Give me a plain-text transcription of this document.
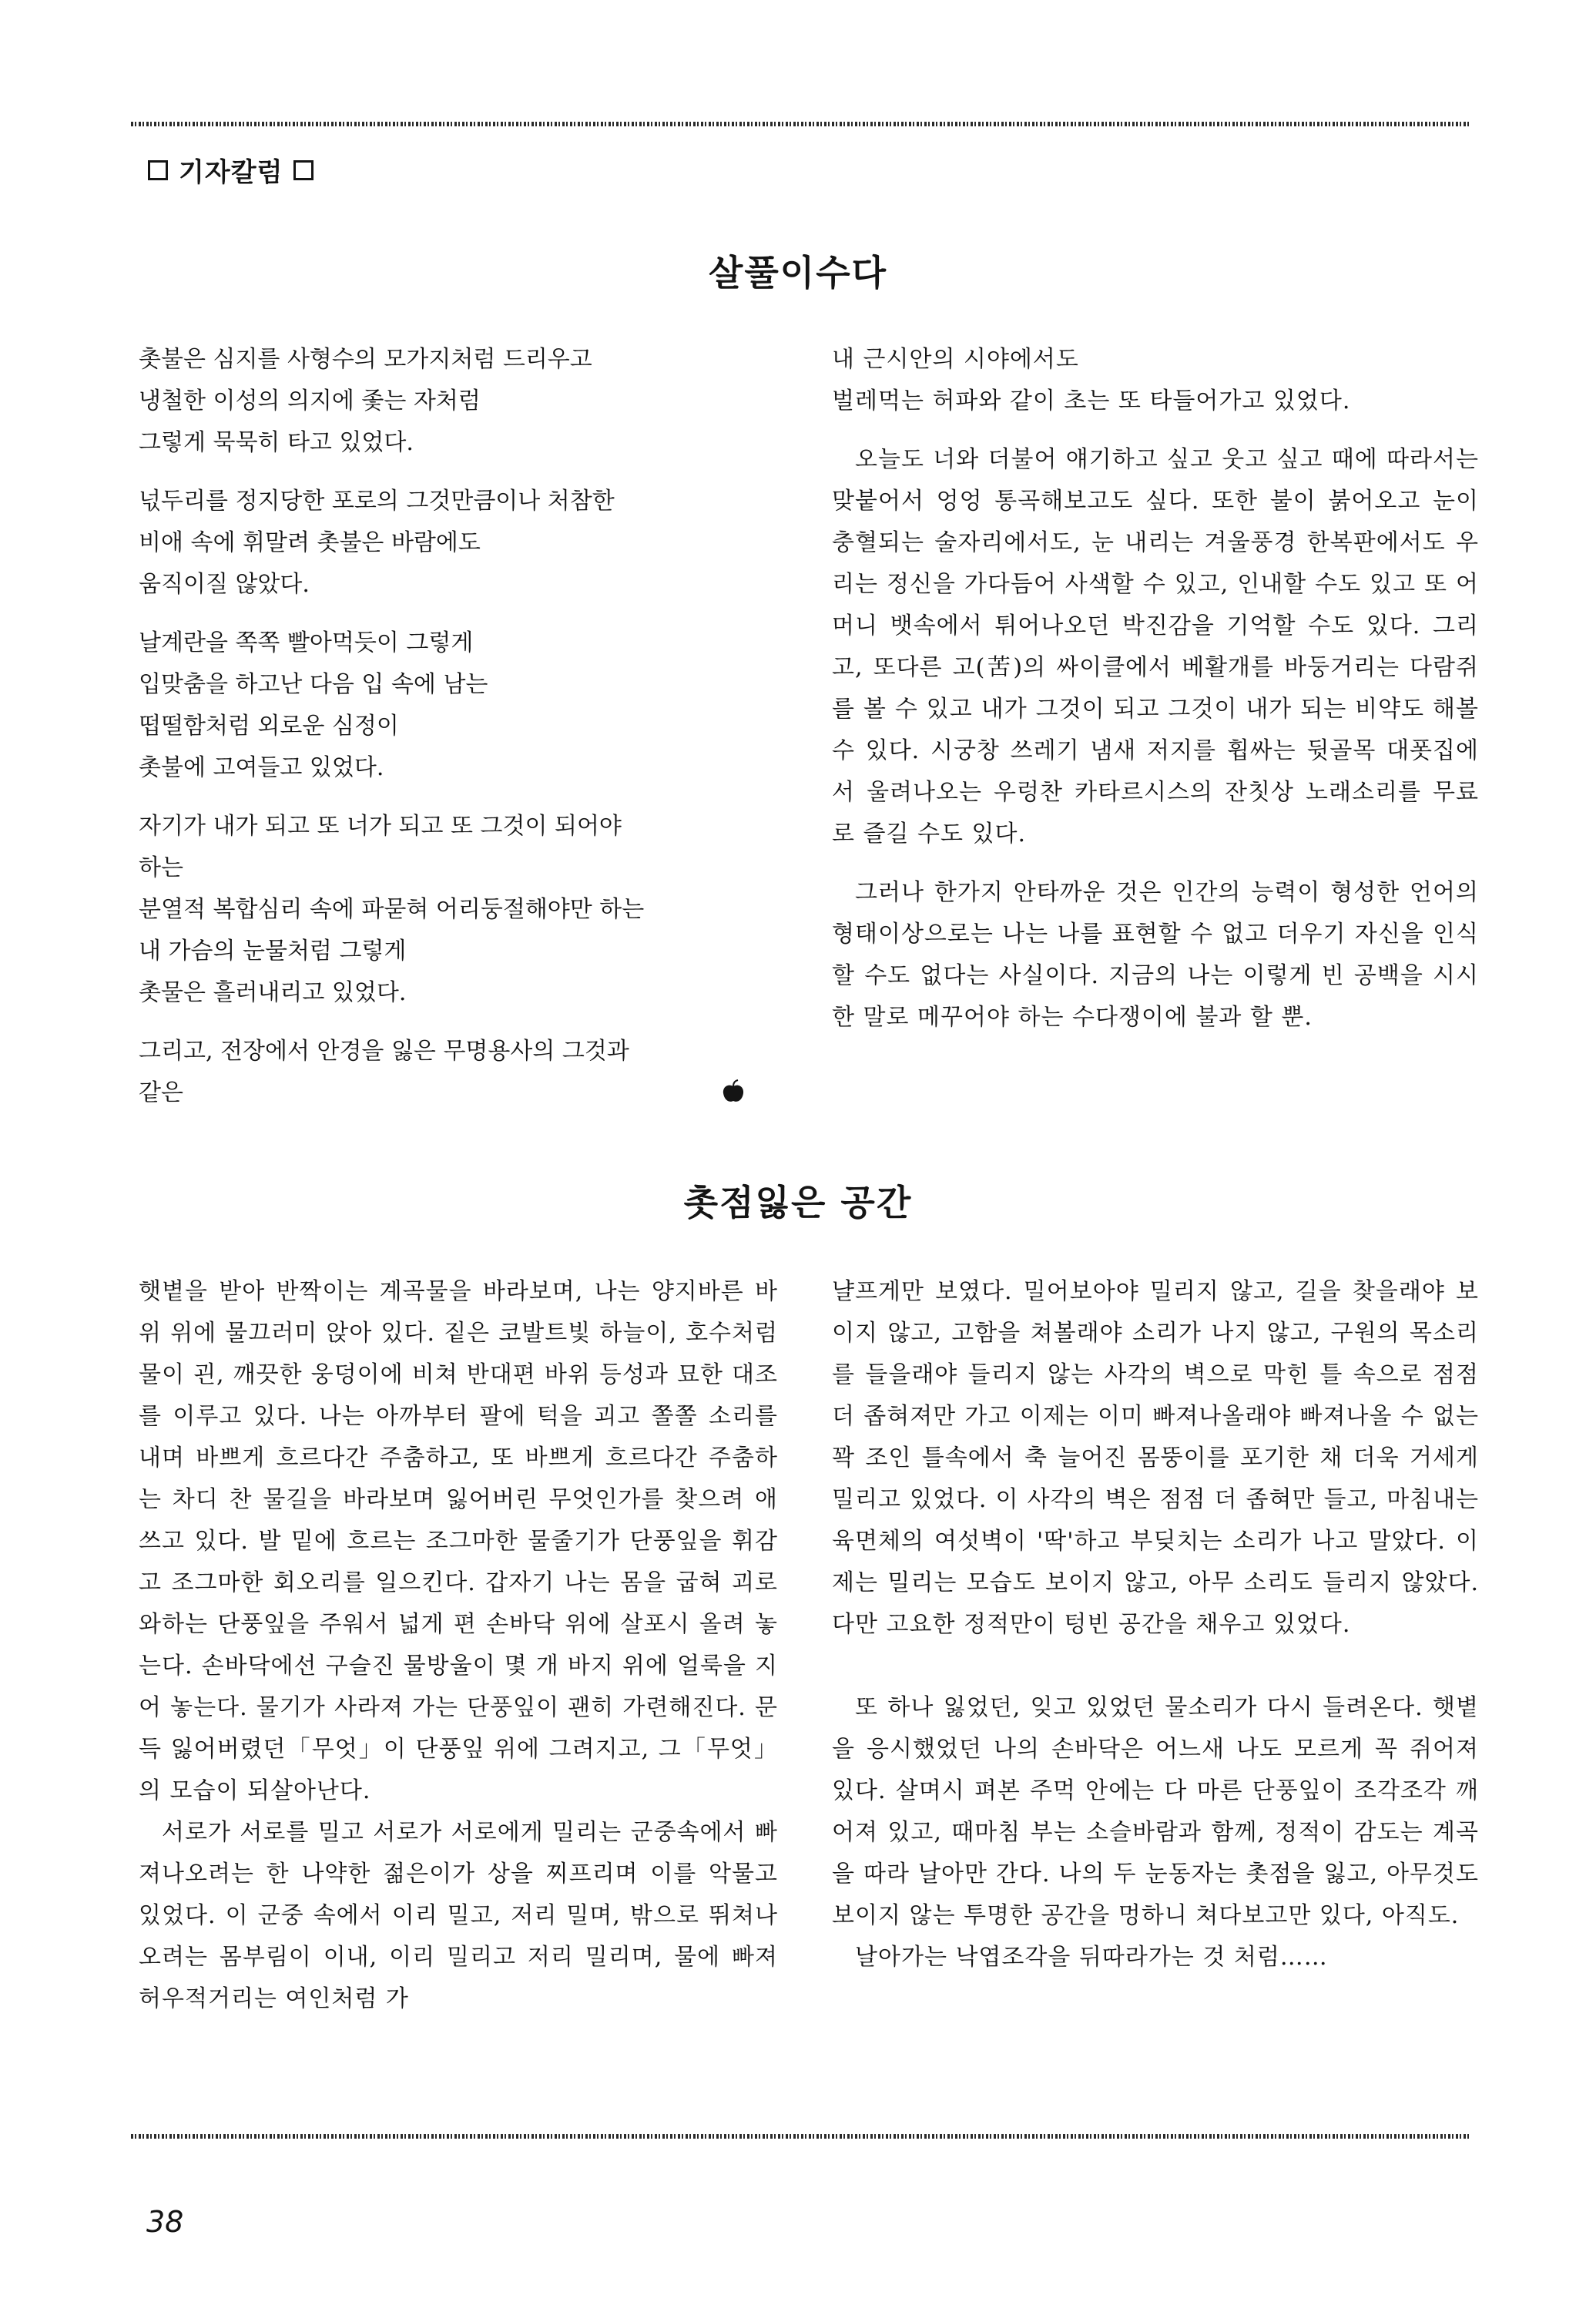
기자칼럼
살풀이수다

촛불은 심지를 사형수의 모가지처럼 드리우고
냉철한 이성의 의지에 좇는 자처럼
그렇게 묵묵히 타고 있었다.

넋두리를 정지당한 포로의 그것만큼이나 처참한
비애 속에 휘말려 촛불은 바람에도
움직이질 않았다.

날계란을 쪽쪽 빨아먹듯이 그렇게
입맞춤을 하고난 다음 입 속에 남는
떱떨함처럼 외로운 심정이
촛불에 고여들고 있었다.

자기가 내가 되고 또 너가 되고 또 그것이 되어야
하는
분열적 복합심리 속에 파묻혀 어리둥절해야만 하는
내 가슴의 눈물처럼 그렇게
촛물은 흘러내리고 있었다.

그리고, 전장에서 안경을 잃은 무명용사의 그것과
같은

내 근시안의 시야에서도
벌레먹는 허파와 같이 초는 또 타들어가고 있었다.

오늘도 너와 더불어 얘기하고 싶고 웃고 싶고 때에 따라서는 맞붙어서 엉엉 통곡해보고도 싶다. 또한 불이 붉어오고 눈이 충혈되는 술자리에서도, 눈 내리는 겨울풍경 한복판에서도 우리는 정신을 가다듬어 사색할 수 있고, 인내할 수도 있고 또 어머니 뱃속에서 튀어나오던 박진감을 기억할 수도 있다. 그리고, 또다른 고(苦)의 싸이클에서 베활개를 바둥거리는 다람쥐를 볼 수 있고 내가 그것이 되고 그것이 내가 되는 비약도 해볼 수 있다. 시궁창 쓰레기 냄새 저지를 휩싸는 뒷골목 대폿집에서 울려나오는 우렁찬 카타르시스의 잔칫상 노래소리를 무료로 즐길 수도 있다.

그러나 한가지 안타까운 것은 인간의 능력이 형성한 언어의 형태이상으로는 나는 나를 표현할 수 없고 더우기 자신을 인식할 수도 없다는 사실이다. 지금의 나는 이렇게 빈 공백을 시시한 말로 메꾸어야 하는 수다쟁이에 불과 할 뿐.

촛점잃은 공간

햇볕을 받아 반짝이는 계곡물을 바라보며, 나는 양지바른 바위 위에 물끄러미 앉아 있다. 짙은 코발트빛 하늘이, 호수처럼 물이 괸, 깨끗한 웅덩이에 비쳐 반대편 바위 등성과 묘한 대조를 이루고 있다. 나는 아까부터 팔에 턱을 괴고 쫄쫄 소리를 내며 바쁘게 흐르다간 주춤하고, 또 바쁘게 흐르다간 주춤하는 차디 찬 물길을 바라보며 잃어버린 무엇인가를 찾으려 애쓰고 있다. 발 밑에 흐르는 조그마한 물줄기가 단풍잎을 휘감고 조그마한 회오리를 일으킨다. 갑자기 나는 몸을 굽혀 괴로와하는 단풍잎을 주워서 넓게 편 손바닥 위에 살포시 올려 놓는다. 손바닥에선 구슬진 물방울이 몇 개 바지 위에 얼룩을 지어 놓는다. 물기가 사라져 가는 단풍잎이 괜히 가련해진다. 문득 잃어버렸던「무엇」이 단풍잎 위에 그려지고, 그「무엇」의 모습이 되살아난다.

서로가 서로를 밀고 서로가 서로에게 밀리는 군중속에서 빠져나오려는 한 나약한 젊은이가 상을 찌프리며 이를 악물고 있었다. 이 군중 속에서 이리 밀고, 저리 밀며, 밖으로 뛰쳐나오려는 몸부림이 이내, 이리 밀리고 저리 밀리며, 물에 빠져 허우적거리는 여인처럼 가

냘프게만 보였다. 밀어보아야 밀리지 않고, 길을 찾을래야 보이지 않고, 고함을 쳐볼래야 소리가 나지 않고, 구원의 목소리를 들을래야 들리지 않는 사각의 벽으로 막힌 틀 속으로 점점 더 좁혀져만 가고 이제는 이미 빠져나올래야 빠져나올 수 없는 꽉 조인 틀속에서 축 늘어진 몸뚱이를 포기한 채 더욱 거세게 밀리고 있었다. 이 사각의 벽은 점점 더 좁혀만 들고, 마침내는 육면체의 여섯벽이 '딱'하고 부딪치는 소리가 나고 말았다. 이제는 밀리는 모습도 보이지 않고, 아무 소리도 들리지 않았다. 다만 고요한 정적만이 텅빈 공간을 채우고 있었다.

또 하나 잃었던, 잊고 있었던 물소리가 다시 들려온다. 햇볕을 응시했었던 나의 손바닥은 어느새 나도 모르게 꼭 쥐어져 있다. 살며시 펴본 주먹 안에는 다 마른 단풍잎이 조각조각 깨어져 있고, 때마침 부는 소슬바람과 함께, 정적이 감도는 계곡을 따라 날아만 간다. 나의 두 눈동자는 촛점을 잃고, 아무것도 보이지 않는 투명한 공간을 멍하니 쳐다보고만 있다, 아직도.

날아가는 낙엽조각을 뒤따라가는 것 처럼……

38
